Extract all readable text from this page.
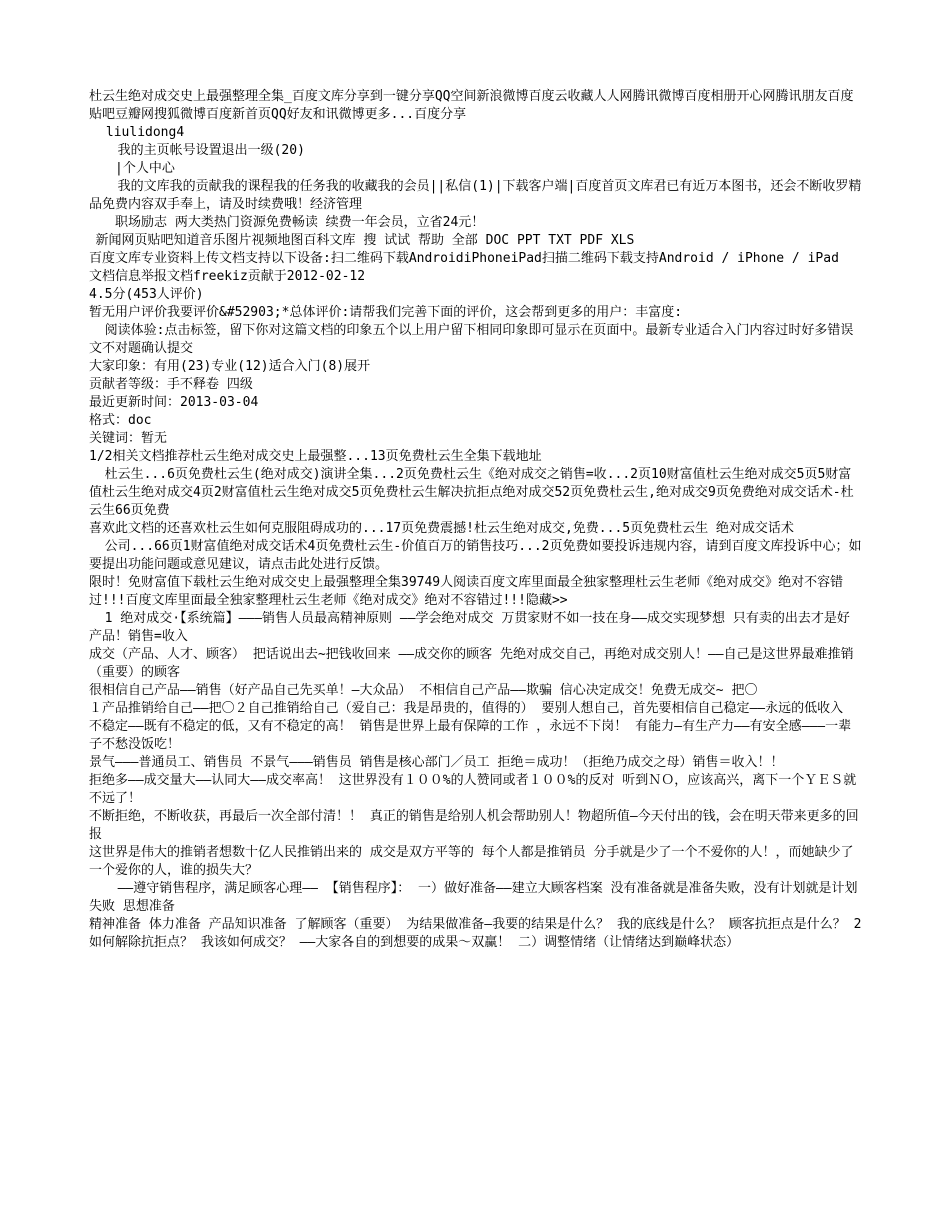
杜云生绝对成交史上最强整理全集_百度文库分享到一键分享QQ空间新浪微博百度云收藏人人网腾讯微博百度相册开心网腾讯朋友百度贴吧豆瓣网搜狐微博百度新首页QQ好友和讯微博更多...百度分享

liulidong4

我的主页帐号设置退出一级(20)

|个人中心

我的文库我的贡献我的课程我的任务我的收藏我的会员||私信(1)|下载客户端|百度首页文库君已有近万本图书，还会不断收罗精品免费内容双手奉上，请及时续费哦！经济管理

职场励志 两大类热门资源免费畅读 续费一年会员，立省24元！

新闻网页贴吧知道音乐图片视频地图百科文库 搜 试试 帮助 全部 DOC PPT TXT PDF XLS

百度文库专业资料上传文档支持以下设备:扫二维码下载AndroidiPhoneiPad扫描二维码下载支持Android / iPhone / iPad

文档信息举报文档freekiz贡献于2012-02-12

4.5分(453人评价)

暂无用户评价我要评价&#52903;*总体评价:请帮我们完善下面的评价，这会帮到更多的用户：丰富度:

阅读体验:点击标签，留下你对这篇文档的印象五个以上用户留下相同印象即可显示在页面中。最新专业适合入门内容过时好多错误文不对题确认提交

大家印象：有用(23)专业(12)适合入门(8)展开

贡献者等级：手不释卷 四级

最近更新时间：2013-03-04

格式：doc

关键词：暂无

1/2相关文档推荐杜云生绝对成交史上最强整...13页免费杜云生全集下载地址

杜云生...6页免费杜云生(绝对成交)演讲全集...2页免费杜云生《绝对成交之销售=收...2页10财富值杜云生绝对成交5页5财富值杜云生绝对成交4页2财富值杜云生绝对成交5页免费杜云生解决抗拒点绝对成交52页免费杜云生,绝对成交9页免费绝对成交话术-杜云生66页免费

喜欢此文档的还喜欢杜云生如何克服阻碍成功的...17页免费震撼!杜云生绝对成交,免费...5页免费杜云生 绝对成交话术

公司...66页1财富值绝对成交话术4页免费杜云生-价值百万的销售技巧...2页免费如要投诉违规内容，请到百度文库投诉中心；如要提出功能问题或意见建议，请点击此处进行反馈。

限时！免财富值下载杜云生绝对成交史上最强整理全集39749人阅读百度文库里面最全独家整理杜云生老师《绝对成交》绝对不容错过!!!百度文库里面最全独家整理杜云生老师《绝对成交》绝对不容错过!!!隐藏>>

1 绝对成交·【系统篇】———销售人员最高精神原则 ——学会绝对成交 万贯家财不如一技在身——成交实现梦想 只有卖的出去才是好产品！销售=收入

成交（产品、人才、顾客） 把话说出去~把钱收回来 ——成交你的顾客 先绝对成交自己，再绝对成交别人！——自己是这世界最难推销（重要）的顾客

很相信自己产品——销售（好产品自己先买单！—大众品） 不相信自己产品——欺骗 信心决定成交！免费无成交~ 把〇

１产品推销给自己——把〇２自己推销给自己（爱自己：我是昂贵的，值得的） 要别人想自己，首先要相信自己稳定——永远的低收入

不稳定——既有不稳定的低，又有不稳定的高！ 销售是世界上最有保障的工作 ，永远不下岗！ 有能力—有生产力——有安全感———一辈子不愁没饭吃！

景气———普通员工、销售员 不景气———销售员 销售是核心部门／员工 拒绝＝成功！（拒绝乃成交之母）销售＝收入！！

拒绝多——成交量大——认同大——成交率高！ 这世界没有１００%的人赞同或者１００%的反对 听到ＮＯ，应该高兴，离下一个ＹＥＳ就不远了！

不断拒绝，不断收获，再最后一次全部付清！！ 真正的销售是给别人机会帮助别人！物超所值—今天付出的钱，会在明天带来更多的回报

这世界是伟大的推销者想数十亿人民推销出来的 成交是双方平等的 每个人都是推销员 分手就是少了一个不爱你的人！，而她缺少了一个爱你的人，谁的损失大？

——遵守销售程序，满足顾客心理—— 【销售程序】： 一）做好准备——建立大顾客档案 没有准备就是准备失败，没有计划就是计划失败 思想准备

精神准备 体力准备 产品知识准备 了解顾客（重要） 为结果做准备—我要的结果是什么？ 我的底线是什么？ 顾客抗拒点是什么？ 2

如何解除抗拒点？ 我该如何成交？ ——大家各自的到想要的成果～双赢！ 二）调整情绪（让情绪达到巅峰状态）
